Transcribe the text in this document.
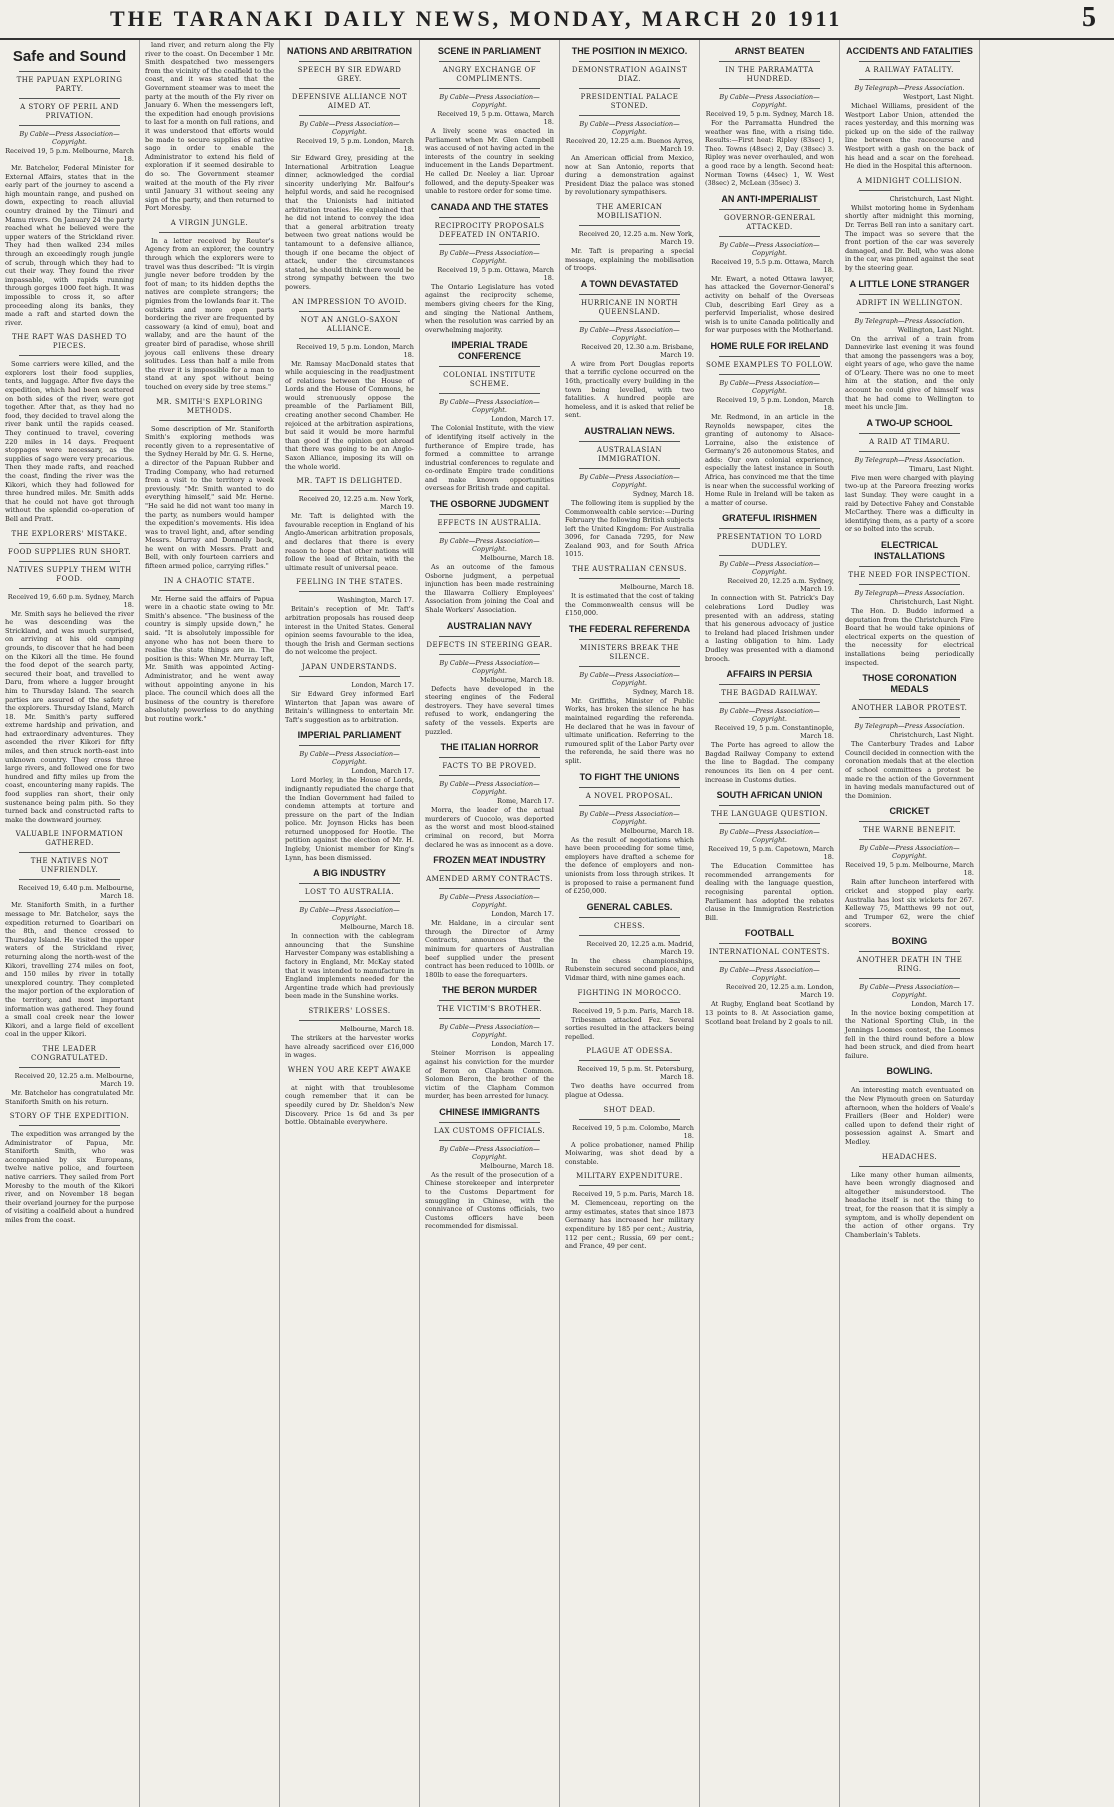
THE TARANAKI DAILY NEWS, MONDAY, MARCH 20 1911	5
Safe and Sound
THE PAPUAN EXPLORING PARTY.
A STORY OF PERIL AND PRIVATION.
By Cable—Press Association—Copyright.
Received 19, 5 p.m. Melbourne, March 18.
Mr. Batchelor, Federal Minister for External Affairs, states that in the early part of the journey to ascend a high mountain range, and pushed on down, expecting to reach alluvial country drained by the Tiimuri and Mamu rivers. On January 24 the party reached what he believed were the upper waters of the Strickland river. They had then walked 234 miles through an exceedingly rough jungle of scrub, through which they had to cut their way. They found the river impassable, with rapids running through gorges 1000 feet high. It was impossible to cross it, so after proceeding along its banks, they made a raft and started down the river.
THE RAFT WAS DASHED TO PIECES.
Some carriers were killed, and the explorers lost their food supplies, tents, and luggage. After five days the expedition, which had been scattered on both sides of the river, were got together. After that, as they had no food, they decided to travel along the river bank until the rapids ceased. They continued to travel, covering 220 miles in 14 days. Frequent stoppages were necessary, as the supplies of sago were very precarious. Then they made rafts, and reached the coast, finding the river was the Kikori, which they had followed for three hundred miles. Mr. Smith adds that he could not have got through without the splendid co-operation of Bell and Pratt.
THE EXPLORERS' MISTAKE.
FOOD SUPPLIES RUN SHORT.
NATIVES SUPPLY THEM WITH FOOD.
Received 19, 6.60 p.m. Sydney, March 18.
Mr. Smith says he believed the river he was descending was the Strickland, and was much surprised, on arriving at his old camping grounds, to discover that he had been on the Kikori all the time. He found the food depot of the search party, secured their boat, and travelled to Daru, from where a lugger brought him to Thursday Island. The search parties are assured of the safety of the explorers. Thursday Island, March 18. Mr. Smith's party suffered extreme hardship and privation, and had extraordinary adventures. They ascended the river Kikori for fifty miles, and then struck north-east into unknown country. They cross three large rivers, and followed one for two hundred and fifty miles up from the coast, encountering many rapids. The food supplies ran short, their only sustenance being palm pith. So they turned back and constructed rafts to make the downward journey.
VALUABLE INFORMATION GATHERED.
THE NATIVES NOT UNFRIENDLY.
Received 19, 6.40 p.m. Melbourne, March 18.
Mr. Staniforth Smith, in a further message to Mr. Batchelor, says the expedition returned to Goaribari on the 8th, and thence crossed to Thursday Island. He visited the upper waters of the Strickland river, returning along the north-west of the Kikori, travelling 274 miles on foot, and 150 miles by river in totally unexplored country. They completed the major portion of the exploration of the territory, and most important information was gathered. They found a small coal creek near the lower Kikori, and a large field of excellent coal in the upper Kikori.
THE LEADER CONGRATULATED.
Received 20, 12.25 a.m. Melbourne, March 19.
Mr. Batchelor has congratulated Mr. Staniforth Smith on his return.
STORY OF THE EXPEDITION.
The expedition was arranged by the Administrator of Papua, Mr. Staniforth Smith, who was accompanied by six Europeans, twelve native police, and fourteen native carriers. They sailed from Port Moresby to the mouth of the Kikori river, and on November 18 began their overland journey for the purpose of visiting a coalfield about a hundred miles from the coast.
land river, and return along the Fly river to the coast. On December 1 Mr. Smith despatched two messengers from the vicinity of the coalfield to the coast, and it was stated that the Government steamer was to meet the party at the mouth of the Fly river on January 6. When the messengers left, the expedition had enough provisions to last for a month on full rations, and it was understood that efforts would be made to secure supplies of native sago in order to enable the Administrator to extend his field of exploration if it seemed desirable to do so. The Government steamer waited at the mouth of the Fly river until January 31 without seeing any sign of the party, and then returned to Port Moresby.
A VIRGIN JUNGLE.
In a letter received by Reuter's Agency from an explorer, the country through which the explorers were to travel was thus described: "It is virgin jungle never before trodden by the foot of man; to its hidden depths the natives are complete strangers; the pigmies from the lowlands fear it. The outskirts and more open parts bordering the river are frequented by cassowary (a kind of emu), boat and wallaby, and are the haunt of the greater bird of paradise, whose shrill joyous call enlivens these dreary solitudes. Less than half a mile from the river it is impossible for a man to stand at any spot without being touched on every side by tree stems."
MR. SMITH'S EXPLORING METHODS.
Some description of Mr. Staniforth Smith's exploring methods was recently given to a representative of the Sydney Herald by Mr. G. S. Herne, a director of the Papuan Rubber and Trading Company, who had returned from a visit to the territory a week previously. "Mr. Smith wanted to do everything himself," said Mr. Herne. "He said he did not want too many in the party, as numbers would hamper the expedition's movements. His idea was to travel light, and, after sending Messrs. Murray and Donnelly back, he went on with Messrs. Pratt and Bell, with only fourteen carriers and fifteen armed police, carrying rifles."
IN A CHAOTIC STATE.
Mr. Herne said the affairs of Papua were in a chaotic state owing to Mr. Smith's absence. "The business of the country is simply upside down," he said. "It is absolutely impossible for anyone who has not been there to realise the state things are in. The position is this: When Mr. Murray left, Mr. Smith was appointed Acting-Administrator, and he went away without appointing anyone in his place. The council which does all the business of the country is therefore absolutely powerless to do anything but routine work."
NATIONS AND ARBITRATION
SPEECH BY SIR EDWARD GREY.
DEFENSIVE ALLIANCE NOT AIMED AT.
By Cable—Press Association—Copyright.
Received 19, 5 p.m. London, March 18.
Sir Edward Grey, presiding at the International Arbitration League dinner, acknowledged the cordial sincerity underlying Mr. Balfour's helpful words, and said he recognised that the Unionists had initiated arbitration treaties. He explained that he did not intend to convey the idea that a general arbitration treaty between two great nations would be tantamount to a defensive alliance, though if one became the object of attack, under the circumstances stated, he should think there would be strong sympathy between the two powers.
AN IMPRESSION TO AVOID.
NOT AN ANGLO-SAXON ALLIANCE.
Received 19, 5 p.m. London, March 18.
Mr. Ramsay MacDonald states that while acquiescing in the readjustment of relations between the House of Lords and the House of Commons, he would strenuously oppose the preamble of the Parliament Bill, creating another second Chamber. He rejoiced at the arbitration aspirations, but said it would be more harmful than good if the opinion got abroad that there was going to be an Anglo-Saxon Alliance, imposing its will on the whole world.
MR. TAFT IS DELIGHTED.
Received 20, 12.25 a.m. New York, March 19.
Mr. Taft is delighted with the favourable reception in England of his Anglo-American arbitration proposals, and declares that there is every reason to hope that other nations will follow the lead of Britain, with the ultimate result of universal peace.
FEELING IN THE STATES.
Washington, March 17.
Britain's reception of Mr. Taft's arbitration proposals has roused deep interest in the United States. General opinion seems favourable to the idea, though the Irish and German sections do not welcome the project.
JAPAN UNDERSTANDS.
London, March 17.
Sir Edward Grey informed Earl Winterton that Japan was aware of Britain's willingness to entertain Mr. Taft's suggestion as to arbitration.
IMPERIAL PARLIAMENT
By Cable—Press Association—Copyright.
London, March 17.
Lord Morley, in the House of Lords, indignantly repudiated the charge that the Indian Government had failed to condemn attempts at torture and pressure on the part of the Indian police. Mr. Joynson Hicks has been returned unopposed for Hootle. The petition against the election of Mr. H. Ingleby, Unionist member for King's Lynn, has been dismissed.
A BIG INDUSTRY
LOST TO AUSTRALIA.
By Cable—Press Association—Copyright.
Melbourne, March 18.
In connection with the cablegram announcing that the Sunshine Harvester Company was establishing a factory in England, Mr. McKay stated that it was intended to manufacture in England implements needed for the Argentine trade which had previously been made in the Sunshine works.
STRIKERS' LOSSES.
Melbourne, March 18.
The strikers at the harvester works have already sacrificed over £16,000 in wages.
WHEN YOU ARE KEPT AWAKE
at night with that troublesome cough remember that it can be speedily cured by Dr. Sheldon's New Discovery. Price 1s 6d and 3s per bottle. Obtainable everywhere.
SCENE IN PARLIAMENT
ANGRY EXCHANGE OF COMPLIMENTS.
By Cable—Press Association—Copyright.
Received 19, 5 p.m. Ottawa, March 18.
A lively scene was enacted in Parliament when Mr. Glen Campbell was accused of not having acted in the interests of the country in seeking inducement in the Lands Department. He called Dr. Neeley a liar. Uproar followed, and the deputy-Speaker was unable to restore order for some time.
CANADA AND THE STATES
RECIPROCITY PROPOSALS DEFEATED IN ONTARIO.
By Cable—Press Association—Copyright.
Received 19, 5 p.m. Ottawa, March 18.
The Ontario Legislature has voted against the reciprocity scheme, members giving cheers for the King, and singing the National Anthem, when the resolution was carried by an overwhelming majority.
IMPERIAL TRADE CONFERENCE
COLONIAL INSTITUTE SCHEME.
By Cable—Press Association—Copyright.
London, March 17.
The Colonial Institute, with the view of identifying itself actively in the furtherance of Empire trade, has formed a committee to arrange industrial conferences to regulate and co-ordinate Empire trade conditions and make known opportunities overseas for British trade and capital.
THE OSBORNE JUDGMENT
EFFECTS IN AUSTRALIA.
By Cable—Press Association—Copyright.
Melbourne, March 18.
As an outcome of the famous Osborne judgment, a perpetual injunction has been made restraining the Illawarra Colliery Employees' Association from joining the Coal and Shale Workers' Association.
AUSTRALIAN NAVY
DEFECTS IN STEERING GEAR.
By Cable—Press Association—Copyright.
Melbourne, March 18.
Defects have developed in the steering engines of the Federal destroyers. They have several times refused to work, endangering the safety of the vessels. Experts are puzzled.
THE ITALIAN HORROR
FACTS TO BE PROVED.
By Cable—Press Association—Copyright.
Rome, March 17.
Morra, the leader of the actual murderers of Cuocolo, was deported as the worst and most blood-stained criminal on record, but Morra declared he was as innocent as a dove.
FROZEN MEAT INDUSTRY
AMENDED ARMY CONTRACTS.
By Cable—Press Association—Copyright.
London, March 17.
Mr. Haldane, in a circular sent through the Director of Army Contracts, announces that the minimum for quarters of Australian beef supplied under the present contract has been reduced to 100lb. or 180lb to ease the forequarters.
THE BERON MURDER
THE VICTIM'S BROTHER.
By Cable—Press Association—Copyright.
London, March 17.
Steiner Morrison is appealing against his conviction for the murder of Beron on Clapham Common. Solomon Beron, the brother of the victim of the Clapham Common murder, has been arrested for lunacy.
CHINESE IMMIGRANTS
LAX CUSTOMS OFFICIALS.
By Cable—Press Association—Copyright.
Melbourne, March 18.
As the result of the prosecution of a Chinese storekeeper and interpreter to the Customs Department for smuggling in Chinese, with the connivance of Customs officials, two Customs officers have been recommended for dismissal.
THE POSITION IN MEXICO.
DEMONSTRATION AGAINST DIAZ.
PRESIDENTIAL PALACE STONED.
By Cable—Press Association—Copyright.
Received 20, 12.25 a.m. Buenos Ayres, March 19.
An American official from Mexico, now at San Antonio, reports that during a demonstration against President Diaz the palace was stoned by revolutionary sympathisers.
THE AMERICAN MOBILISATION.
Received 20, 12.25 a.m. New York, March 19.
Mr. Taft is preparing a special message, explaining the mobilisation of troops.
A TOWN DEVASTATED
HURRICANE IN NORTH QUEENSLAND.
By Cable—Press Association—Copyright.
Received 20, 12.30 a.m. Brisbane, March 19.
A wire from Port Douglas reports that a terrific cyclone occurred on the 16th, practically every building in the town being levelled, with two fatalities. A hundred people are homeless, and it is asked that relief be sent.
AUSTRALIAN NEWS.
AUSTRALASIAN IMMIGRATION.
By Cable—Press Association—Copyright.
Sydney, March 18.
The following item is supplied by the Commonwealth cable service:—During February the following British subjects left the United Kingdom: For Australia 3096, for Canada 7295, for New Zealand 903, and for South Africa 1015.
THE AUSTRALIAN CENSUS.
Melbourne, March 18.
It is estimated that the cost of taking the Commonwealth census will be £150,000.
THE FEDERAL REFERENDA
MINISTERS BREAK THE SILENCE.
By Cable—Press Association—Copyright.
Sydney, March 18.
Mr. Griffiths, Minister of Public Works, has broken the silence he has maintained regarding the referenda. He declared that he was in favour of ultimate unification. Referring to the rumoured split of the Labor Party over the referenda, he said there was no split.
TO FIGHT THE UNIONS
A NOVEL PROPOSAL.
By Cable—Press Association—Copyright.
Melbourne, March 18.
As the result of negotiations which have been proceeding for some time, employers have drafted a scheme for the defence of employers and non-unionists from loss through strikes. It is proposed to raise a permanent fund of £250,000.
GENERAL CABLES.
CHESS.
Received 20, 12.25 a.m. Madrid, March 19.
In the chess championships, Rubenstein secured second place, and Vidmar third, with nine games each.
FIGHTING IN MOROCCO.
Received 19, 5 p.m. Paris, March 18.
Tribesmen attacked Fez. Several sorties resulted in the attackers being repelled.
PLAGUE AT ODESSA.
Received 19, 5 p.m. St. Petersburg, March 18.
Two deaths have occurred from plague at Odessa.
SHOT DEAD.
Received 19, 5 p.m. Colombo, March 18.
A police probationer, named Philip Moiwaring, was shot dead by a constable.
MILITARY EXPENDITURE.
Received 19, 5 p.m. Paris, March 18.
M. Clemenceau, reporting on the army estimates, states that since 1873 Germany has increased her military expenditure by 185 per cent.; Austria, 112 per cent.; Russia, 69 per cent.; and France, 49 per cent.
ARNST BEATEN
IN THE PARRAMATTA HUNDRED.
By Cable—Press Association—Copyright.
Received 19, 5 p.m. Sydney, March 18.
For the Parramatta Hundred the weather was fine, with a rising tide. Results:—First heat: Ripley (83sec) 1, Theo. Towns (48sec) 2, Day (38sec) 3. Ripley was never overhauled, and won a good race by a length. Second heat: Norman Towns (44sec) 1, W. West (38sec) 2, McLean (35sec) 3.
AN ANTI-IMPERIALIST
GOVERNOR-GENERAL ATTACKED.
By Cable—Press Association—Copyright.
Received 19, 5.5 p.m. Ottawa, March 18.
Mr. Ewart, a noted Ottawa lawyer, has attacked the Governor-General's activity on behalf of the Overseas Club, describing Earl Grey as a perfervid Imperialist, whose desired wish is to unite Canada politically and for war purposes with the Motherland.
HOME RULE FOR IRELAND
SOME EXAMPLES TO FOLLOW.
By Cable—Press Association—Copyright.
Received 19, 5 p.m. London, March 18.
Mr. Redmond, in an article in the Reynolds newspaper, cites the granting of autonomy to Alsace-Lorraine, also the existence of Germany's 26 autonomous States, and adds: Our own colonial experience, especially the latest instance in South Africa, has convinced me that the time is near when the successful working of Home Rule in Ireland will be taken as a matter of course.
GRATEFUL IRISHMEN
PRESENTATION TO LORD DUDLEY.
By Cable—Press Association—Copyright.
Received 20, 12.25 a.m. Sydney, March 19.
In connection with St. Patrick's Day celebrations Lord Dudley was presented with an address, stating that his generous advocacy of justice to Ireland had placed Irishmen under a lasting obligation to him. Lady Dudley was presented with a diamond brooch.
AFFAIRS IN PERSIA
THE BAGDAD RAILWAY.
By Cable—Press Association—Copyright.
Received 19, 5 p.m. Constantinople, March 18.
The Porte has agreed to allow the Bagdad Railway Company to extend the line to Bagdad. The company renounces its lien on 4 per cent. increase in Customs duties.
SOUTH AFRICAN UNION
THE LANGUAGE QUESTION.
By Cable—Press Association—Copyright.
Received 19, 5 p.m. Capetown, March 18.
The Education Committee has recommended arrangements for dealing with the language question, recognising parental option. Parliament has adopted the rebates clause in the Immigration Restriction Bill.
FOOTBALL
INTERNATIONAL CONTESTS.
By Cable—Press Association—Copyright.
Received 20, 12.25 a.m. London, March 19.
At Rugby, England beat Scotland by 13 points to 8. At Association game, Scotland beat Ireland by 2 goals to nil.
ACCIDENTS AND FATALITIES
A RAILWAY FATALITY.
By Telegraph—Press Association.
Westport, Last Night.
Michael Williams, president of the Westport Labor Union, attended the races yesterday, and this morning was picked up on the side of the railway line between the racecourse and Westport with a gash on the back of his head and a scar on the forehead. He died in the Hospital this afternoon.
A MIDNIGHT COLLISION.
Christchurch, Last Night.
Whilst motoring home in Sydenham shortly after midnight this morning, Dr. Terras Bell ran into a sanitary cart. The impact was so severe that the front portion of the car was severely damaged, and Dr. Bell, who was alone in the car, was pinned against the seat by the steering gear.
A LITTLE LONE STRANGER
ADRIFT IN WELLINGTON.
By Telegraph—Press Association.
Wellington, Last Night.
On the arrival of a train from Dannevirke last evening it was found that among the passengers was a boy, eight years of age, who gave the name of O'Leary. There was no one to meet him at the station, and the only account he could give of himself was that he had come to Wellington to meet his uncle Jim.
A TWO-UP SCHOOL
A RAID AT TIMARU.
By Telegraph—Press Association.
Timaru, Last Night.
Five men were charged with playing two-up at the Pareora freezing works last Sunday. They were caught in a raid by Detective Fahey and Constable McCarthey. There was a difficulty in identifying them, as a party of a score or so bolted into the scrub.
ELECTRICAL INSTALLATIONS
THE NEED FOR INSPECTION.
By Telegraph—Press Association.
Christchurch, Last Night.
The Hon. D. Buddo informed a deputation from the Christchurch Fire Board that he would take opinions of electrical experts on the question of the necessity for electrical installations being periodically inspected.
THOSE CORONATION MEDALS
ANOTHER LABOR PROTEST.
By Telegraph—Press Association.
Christchurch, Last Night.
The Canterbury Trades and Labor Council decided in connection with the coronation medals that at the election of school committees a protest be made re the action of the Government in having medals manufactured out of the Dominion.
CRICKET
THE WARNE BENEFIT.
By Cable—Press Association—Copyright.
Received 19, 5 p.m. Melbourne, March 18.
Rain after luncheon interfered with cricket and stopped play early. Australia has lost six wickets for 267. Kelleway 75, Matthews 99 not out, and Trumper 62, were the chief scorers.
BOXING
ANOTHER DEATH IN THE RING.
By Cable—Press Association—Copyright.
London, March 17.
In the novice boxing competition at the National Sporting Club, in the Jennings Loomes contest, the Loomes fell in the third round before a blow had been struck, and died from heart failure.
BOWLING.
An interesting match eventuated on the New Plymouth green on Saturday afternoon, when the holders of Veale's Fraillers (Beer and Holder) were called upon to defend their right of possession against A. Smart and Medley.
HEADACHES.
Like many other human ailments, have been wrongly diagnosed and altogether misunderstood. The headache itself is not the thing to treat, for the reason that it is simply a symptom, and is wholly dependent on the action of other organs. Try Chamberlain's Tablets.
